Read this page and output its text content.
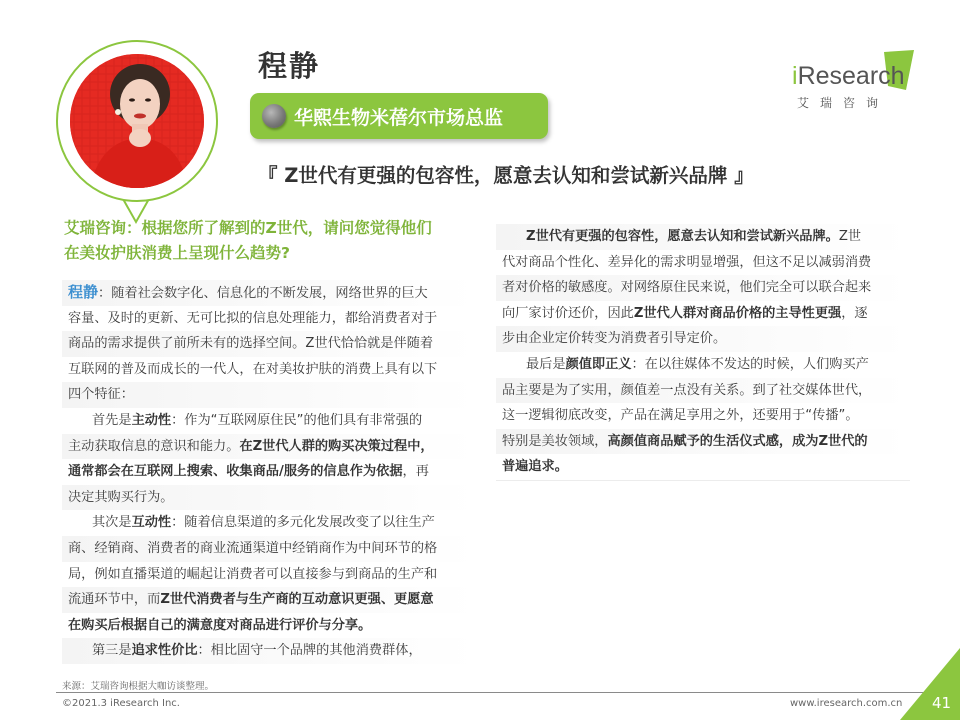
程静
华熙生物米蓓尔市场总监
『 Z世代有更强的包容性，愿意去认知和尝试新兴品牌 』
iResearch
艾瑞咨询
艾瑞咨询：根据您所了解到的Z世代，请问您觉得他们
在美妆护肤消费上呈现什么趋势?
程静：随着社会数字化、信息化的不断发展，网络世界的巨大
容量、及时的更新、无可比拟的信息处理能力，都给消费者对于
商品的需求提供了前所未有的选择空间。Z世代恰恰就是伴随着
互联网的普及而成长的一代人，在对美妆护肤的消费上具有以下
四个特征：
首先是主动性：作为“互联网原住民”的他们具有非常强的
主动获取信息的意识和能力。在Z世代人群的购买决策过程中，
通常都会在互联网上搜索、收集商品/服务的信息作为依据，再
决定其购买行为。
其次是互动性：随着信息渠道的多元化发展改变了以往生产
商、经销商、消费者的商业流通渠道中经销商作为中间环节的格
局，例如直播渠道的崛起让消费者可以直接参与到商品的生产和
流通环节中，而Z世代消费者与生产商的互动意识更强、更愿意
在购买后根据自己的满意度对商品进行评价与分享。
第三是追求性价比：相比固守一个品牌的其他消费群体，
Z世代有更强的包容性，愿意去认知和尝试新兴品牌。Z世
代对商品个性化、差异化的需求明显增强，但这不足以减弱消费
者对价格的敏感度。对网络原住民来说，他们完全可以联合起来
向厂家讨价还价，因此Z世代人群对商品价格的主导性更强，逐
步由企业定价转变为消费者引导定价。
最后是颜值即正义：在以往媒体不发达的时候，人们购买产
品主要是为了实用，颜值差一点没有关系。到了社交媒体世代，
这一逻辑彻底改变，产品在满足享用之外，还要用于“传播”。
特别是美妆领域，高颜值商品赋予的生活仪式感，成为Z世代的
普遍追求。
来源：艾瑞咨询根据大咖访谈整理。
©2021.3 iResearch Inc.	www.iresearch.com.cn 41
